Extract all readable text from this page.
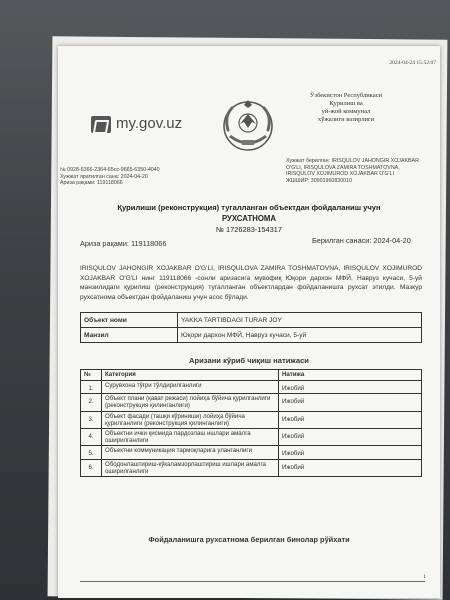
2024-04-24 15:52:07
my.gov.uz
Ўзбекистон Республикаси
Қурилиш ва
уй-жой коммунал
хўжалиги вазирлиги
Хужжат берилган: IRISQULOV JAHONGIR XOJAKBAR
O'G'LI, IRISQULOVA ZAMIRA TOSHMATOVNA,
IRISQULOV XOJIMUROD XOJAKBAR O'G'LI
ЖШШИР: 30901960830010
№ 0928-6366-2364-65cc-9665-6350-4040
Хужжат яратилган сана: 2024-04-20
Ариза рақами: 119118066
Қурилиши (реконструкция) тугалланган объектдан фойдаланиш учун
РУХСАТНОМА
№ 1726283-154317
Ариза рақами: 119118066	Берилган санаси: 2024-04-20
IRISQULOV JAHONGIR XOJAKBAR O'G'LI, IRISQULOVA ZAMIRA TOSHMATOVNA, IRISQULOV XOJIMUROD XOJAKBAR O'G'LI нинг 119118066 -сонли аризасига мувофиқ Юқори дархон МФЙ, Навруз кучаси, 5-уй манзилидаги қурилиш (реконструкция) тугалланган объектлардан фойдаланишга рухсат этилди. Мазкур рухсатнома объектдан фойдаланиш учун асос бўлади.
Объект номи	YAKKA TARTIBDAGI TURAR JOY
Манзил	Юқори дархон МФЙ, Навруз кучаси, 5-уй
Аризани кўриб чиқиш натижаси
№	Категория	Натижа
1.	Сурувхона тўғри тўлдирилганлиги	Ижобий
2.	Объект плани (қават режаси) лойиҳа бўйича қурилганлиги (реконструкция қилинганлиги)	Ижобий
3.	Объект фасади (ташқи кўриниши) лойиҳа бўйича қурилганлиги (реконструкция қилинганлиги)	Ижобий
4.	Объектни ички қисмида пардозлаш ишлари амалга оширилганлиги	Ижобий
5.	Объектни коммуникация тармоқларига уланганлиги	Ижобий
6.	Ободонлаштириш-кўкаламзорлаштириш ишлари амалга оширилганлиги	Ижобий
Фойдаланишга рухсатнома берилган бинолар рўйхати
1
